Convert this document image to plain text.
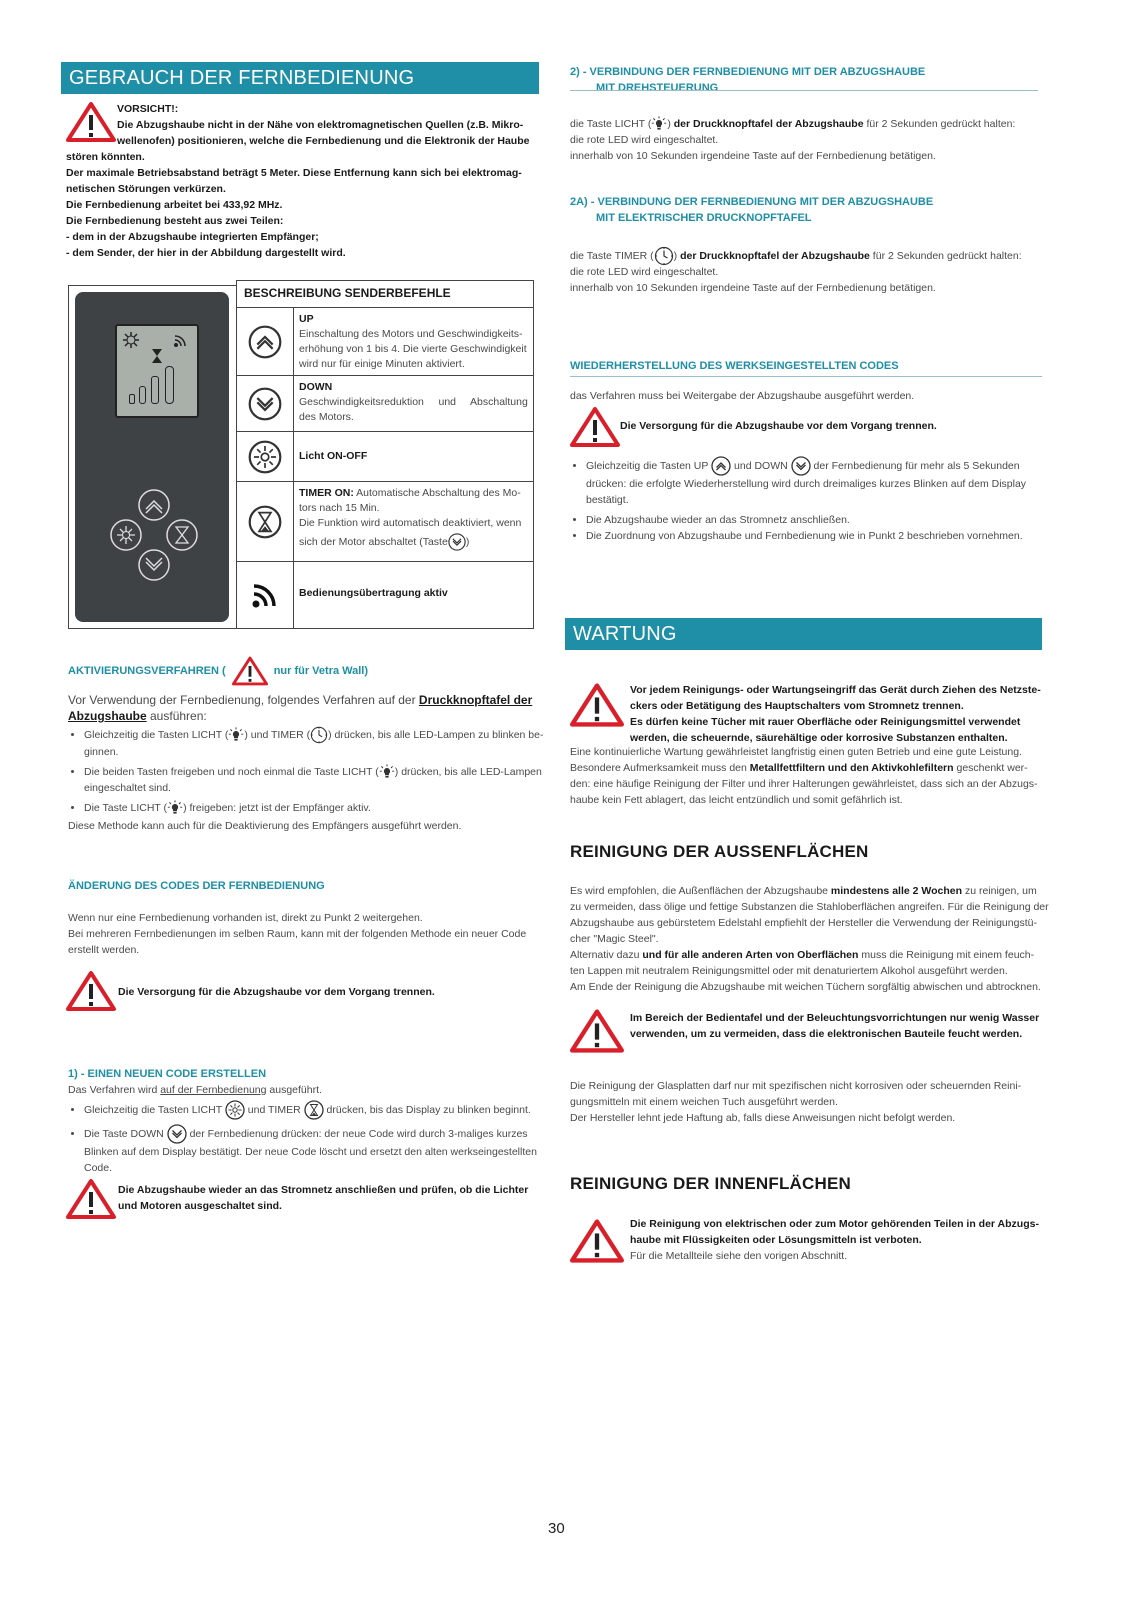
GEBRAUCH DER FERNBEDIENUNG
VORSICHT!:
Die Abzugshaube nicht in der Nähe von elektromagnetischen Quellen (z.B. Mikro-
wellenofen) positionieren, welche die Fernbedienung und die Elektronik der Haube
stören könnten.
Der maximale Betriebsabstand beträgt 5 Meter. Diese Entfernung kann sich bei elektromag-
netischen Störungen verkürzen.
Die Fernbedienung arbeitet bei 433,92 MHz.
Die Fernbedienung besteht aus zwei Teilen:
- dem in der Abzugshaube integrierten Empfänger;
- dem Sender, der hier in der Abbildung dargestellt wird.
BESCHREIBUNG SENDERBEFEHLE
UP
Einschaltung des Motors und Geschwindigkeits-
erhöhung von 1 bis 4. Die vierte Geschwindigkeit
wird nur für einige Minuten aktiviert.
DOWN
Geschwindigkeitsreduktion     und     Abschaltung
des Motors.
Licht ON-OFF
TIMER ON: Automatische Abschaltung des Mo-
tors nach 15 Min.
Die Funktion wird automatisch deaktiviert, wenn
sich der Motor abschaltet (Taste )
Bedienungsübertragung aktiv
AKTIVIERUNGSVERFAHREN (	nur für Vetra Wall)
Vor Verwendung der Fernbedienung, folgendes Verfahren auf der Druckknopftafel der
Abzugshaube ausführen:
• Gleichzeitig die Tasten LICHT ( ) und TIMER ( ) drücken, bis alle LED-Lampen zu blinken be-
ginnen.
• Die beiden Tasten freigeben und noch einmal die Taste LICHT ( ) drücken, bis alle LED-Lampen
eingeschaltet sind.
• Die Taste LICHT ( ) freigeben: jetzt ist der Empfänger aktiv.
Diese Methode kann auch für die Deaktivierung des Empfängers ausgeführt werden.
ÄNDERUNG DES CODES DER FERNBEDIENUNG
Wenn nur eine Fernbedienung vorhanden ist, direkt zu Punkt 2 weitergehen.
Bei mehreren Fernbedienungen im selben Raum, kann mit der folgenden Methode ein neuer Code
erstellt werden.
Die Versorgung für die Abzugshaube vor dem Vorgang trennen.
1) - EINEN NEUEN CODE ERSTELLEN
Das Verfahren wird auf der Fernbedienung ausgeführt.
• Gleichzeitig die Tasten LICHT  und TIMER  drücken, bis das Display zu blinken beginnt.
• Die Taste DOWN  der Fernbedienung drücken: der neue Code wird durch 3-maliges kurzes
Blinken auf dem Display bestätigt. Der neue Code löscht und ersetzt den alten werkseingestellten
Code.
Die Abzugshaube wieder an das Stromnetz anschließen und prüfen, ob die Lichter
und Motoren ausgeschaltet sind.
2) - VERBINDUNG DER FERNBEDIENUNG MIT DER ABZUGSHAUBE
MIT DREHSTEUERUNG
die Taste LICHT ( ) der Druckknopftafel der Abzugshaube für 2 Sekunden gedrückt halten:
die rote LED wird eingeschaltet.
innerhalb von 10 Sekunden irgendeine Taste auf der Fernbedienung betätigen.
2A) - VERBINDUNG DER FERNBEDIENUNG MIT DER ABZUGSHAUBE
MIT ELEKTRISCHER DRUCKNOPFTAFEL
die Taste TIMER ( ) der Druckknopftafel der Abzugshaube für 2 Sekunden gedrückt halten:
die rote LED wird eingeschaltet.
innerhalb von 10 Sekunden irgendeine Taste auf der Fernbedienung betätigen.
WIEDERHERSTELLUNG DES WERKSEINGESTELLTEN CODES
das Verfahren muss bei Weitergabe der Abzugshaube ausgeführt werden.
Die Versorgung für die Abzugshaube vor dem Vorgang trennen.
• Gleichzeitig die Tasten UP  und DOWN  der Fernbedienung für mehr als 5 Sekunden
drücken: die erfolgte Wiederherstellung wird durch dreimaliges kurzes Blinken auf dem Display
bestätigt.
• Die Abzugshaube wieder an das Stromnetz anschließen.
• Die Zuordnung von Abzugshaube und Fernbedienung wie in Punkt 2 beschrieben vornehmen.
WARTUNG
Vor jedem Reinigungs- oder Wartungseingriff das Gerät durch Ziehen des Netzste-
ckers oder Betätigung des Hauptschalters vom Stromnetz trennen.
Es dürfen keine Tücher mit rauer Oberfläche oder Reinigungsmittel verwendet
werden, die scheuernde, säurehältige oder korrosive Substanzen enthalten.
Eine kontinuierliche Wartung gewährleistet langfristig einen guten Betrieb und eine gute Leistung.
Besondere Aufmerksamkeit muss den Metallfettfiltern und den Aktivkohlefiltern geschenkt wer-
den: eine häufige Reinigung der Filter und ihrer Halterungen gewährleistet, dass sich an der Abzugs-
haube kein Fett ablagert, das leicht entzündlich und somit gefährlich ist.
REINIGUNG DER AUSSENFLÄCHEN
Es wird empfohlen, die Außenflächen der Abzugshaube mindestens alle 2 Wochen zu reinigen, um
zu vermeiden, dass ölige und fettige Substanzen die Stahloberflächen angreifen. Für die Reinigung der
Abzugshaube aus gebürstetem Edelstahl empfiehlt der Hersteller die Verwendung der Reinigungstü-
cher "Magic Steel".
Alternativ dazu und für alle anderen Arten von Oberflächen muss die Reinigung mit einem feuch-
ten Lappen mit neutralem Reinigungsmittel oder mit denaturiertem Alkohol ausgeführt werden.
Am Ende der Reinigung die Abzugshaube mit weichen Tüchern sorgfältig abwischen und abtrocknen.
Im Bereich der Bedientafel und der Beleuchtungsvorrichtungen nur wenig Wasser
verwenden, um zu vermeiden, dass die elektronischen Bauteile feucht werden.
Die Reinigung der Glasplatten darf nur mit spezifischen nicht korrosiven oder scheuernden Reini-
gungsmitteln mit einem weichen Tuch ausgeführt werden.
Der Hersteller lehnt jede Haftung ab, falls diese Anweisungen nicht befolgt werden.
REINIGUNG DER INNENFLÄCHEN
Die Reinigung von elektrischen oder zum Motor gehörenden Teilen in der Abzugs-
haube mit Flüssigkeiten oder Lösungsmitteln ist verboten.
Für die Metallteile siehe den vorigen Abschnitt.
30
